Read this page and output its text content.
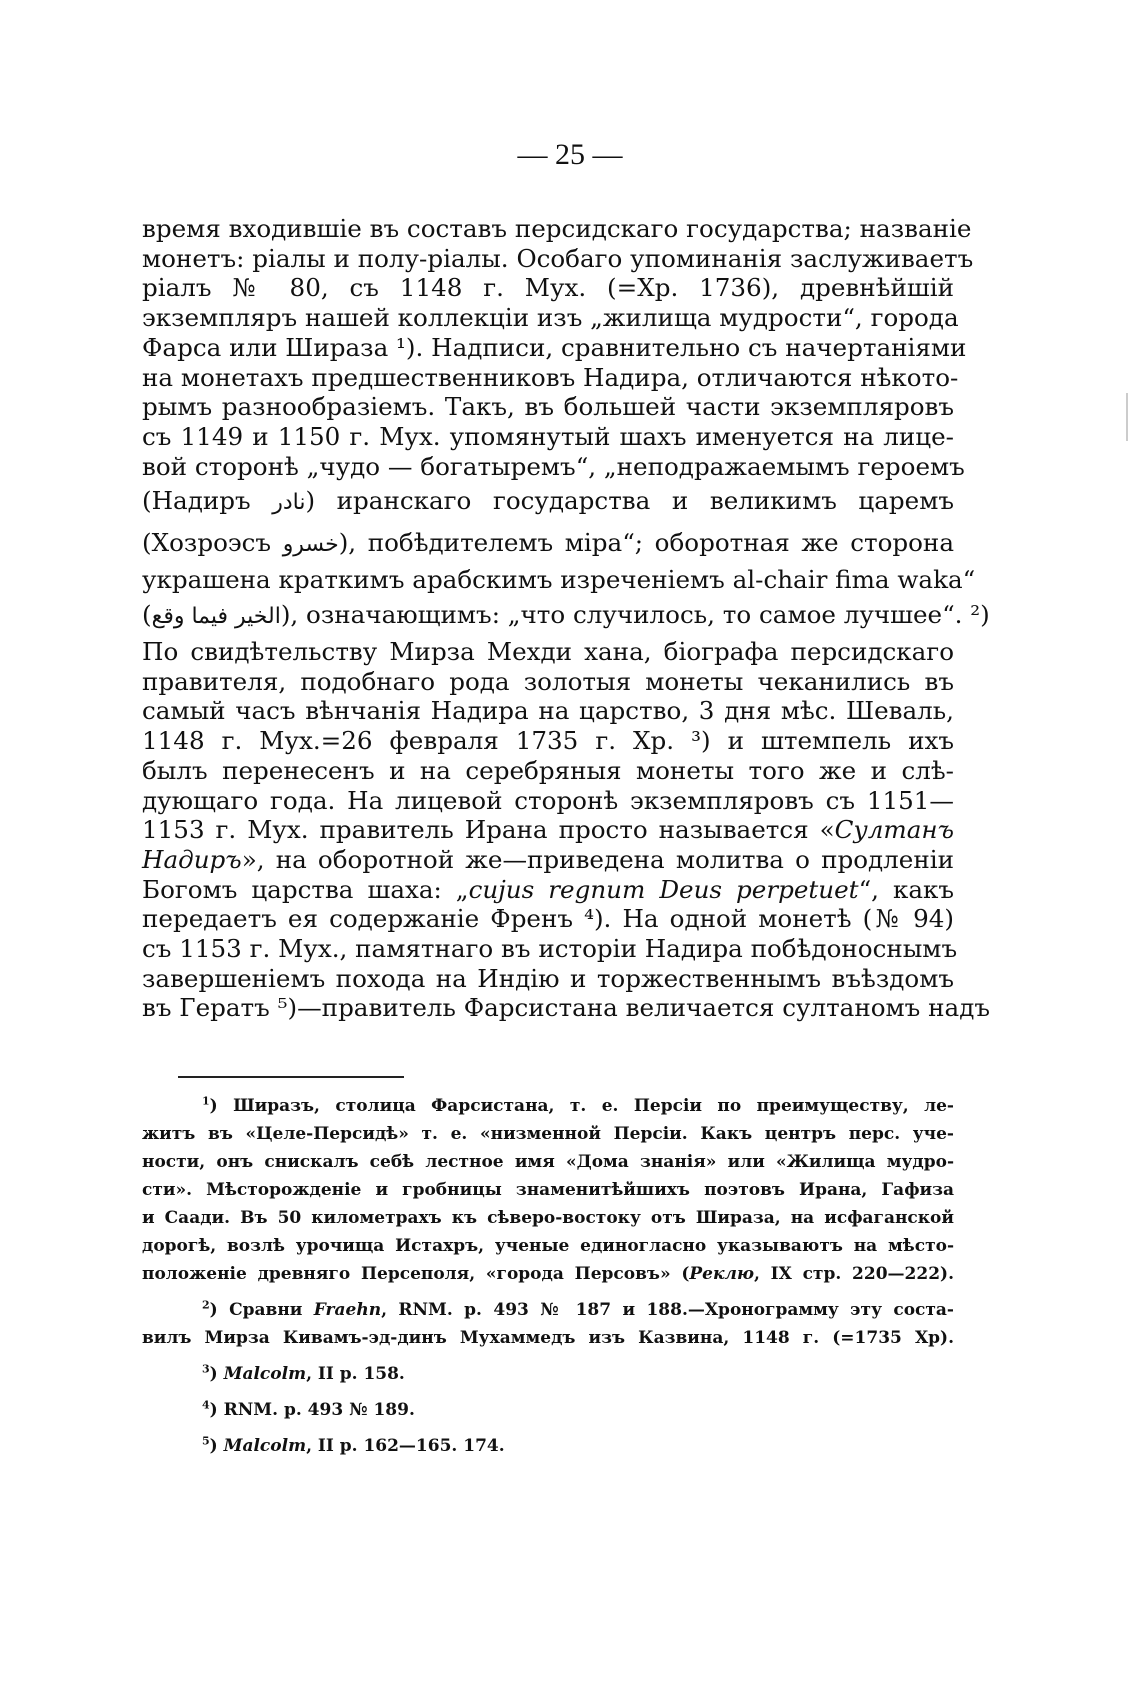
— 25 —
время входившіе въ составъ персидскаго государства; названіе
монетъ: ріалы и полу-ріалы. Особаго упоминанія заслуживаетъ
ріалъ № 80, съ 1148 г. Мух. (=Хр. 1736), древнѣйшій
экземпляръ нашей коллекціи изъ „жилища мудрости“, города
Фарса или Шираза ¹). Надписи, сравнительно съ начертаніями
на монетахъ предшественниковъ Надира, отличаются нѣкото-
рымъ разнообразіемъ. Такъ, въ большей части экземпляровъ
съ 1149 и 1150 г. Мух. упомянутый шахъ именуется на лице-
вой сторонѣ „чудо — богатыремъ“, „неподражаемымъ героемъ
(Надиръ نادر) иранскаго государства и великимъ царемъ
(Хозроэсъ خسرو), побѣдителемъ міра“; оборотная же сторона
украшена краткимъ арабскимъ изреченіемъ al-chair fima waka“
(الخير فيما وقع), означающимъ: „что случилось, то самое лучшее“. ²)
По свидѣтельству Мирза Мехди хана, біографа персидскаго
правителя, подобнаго рода золотыя монеты чеканились въ
самый часъ вѣнчанія Надира на царство, 3 дня мѣс. Шеваль,
1148 г. Мух.=26 февраля 1735 г. Хр. ³) и штемпель ихъ
былъ перенесенъ и на серебряныя монеты того же и слѣ-
дующаго года. На лицевой сторонѣ экземпляровъ съ 1151—
1153 г. Мух. правитель Ирана просто называется «Султанъ
Надиръ», на оборотной же—приведена молитва о продленіи
Богомъ царства шаха: „cujus regnum Deus perpetuet“, какъ
передаетъ ея содержаніе Френъ ⁴). На одной монетѣ (№ 94)
съ 1153 г. Мух., памятнаго въ исторіи Надира побѣдоноснымъ
завершеніемъ похода на Индію и торжественнымъ въѣздомъ
въ Гератъ ⁵)—правитель Фарсистана величается султаномъ надъ
$^1$) Ширазъ, столица Фарсистана, т. е. Персіи по преимуществу, ле-
житъ въ «Целе-Персидѣ» т. е. «низменной Персіи. Какъ центръ перс. уче-
ности, онъ снискалъ себѣ лестное имя «Дома знанія» или «Жилища мудро-
сти». Мѣсторожденіе и гробницы знаменитѣйшихъ поэтовъ Ирана, Гафиза
и Саади. Въ 50 километрахъ къ сѣверо-востоку отъ Шираза, на исфаганской
дорогѣ, возлѣ урочища Истахръ, ученые единогласно указываютъ на мѣсто-
положеніе древняго Персеполя, «города Персовъ» (Реклю, IX стр. 220—222).
$^2$) Сравни Fraehn, RNM. p. 493 № 187 и 188.—Хронограмму эту соста-
вилъ Мирза Кивамъ-эд-динъ Мухаммедъ изъ Казвина, 1148 г. (=1735 Хр).
$^3$) Malcolm, II p. 158.
$^4$) RNM. p. 493 № 189.
$^5$) Malcolm, II p. 162—165. 174.
